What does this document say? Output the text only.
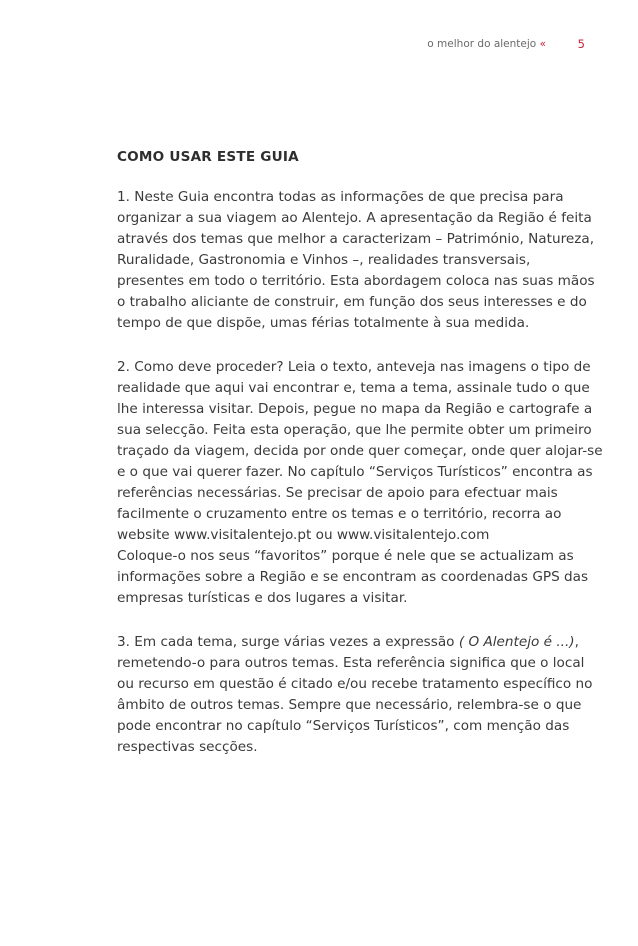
o melhor do alentejo «	5
COMO USAR ESTE GUIA

1. Neste Guia encontra todas as informações de que precisa para
organizar a sua viagem ao Alentejo. A apresentação da Região é feita
através dos temas que melhor a caracterizam – Património, Natureza,
Ruralidade, Gastronomia e Vinhos –, realidades transversais,
presentes em todo o território. Esta abordagem coloca nas suas mãos
o trabalho aliciante de construir, em função dos seus interesses e do
tempo de que dispõe, umas férias totalmente à sua medida.

2. Como deve proceder? Leia o texto, anteveja nas imagens o tipo de
realidade que aqui vai encontrar e, tema a tema, assinale tudo o que
lhe interessa visitar. Depois, pegue no mapa da Região e cartografe a
sua selecção. Feita esta operação, que lhe permite obter um primeiro
traçado da viagem, decida por onde quer começar, onde quer alojar-se
e o que vai querer fazer. No capítulo “Serviços Turísticos” encontra as
referências necessárias. Se precisar de apoio para efectuar mais
facilmente o cruzamento entre os temas e o território, recorra ao
website www.visitalentejo.pt ou www.visitalentejo.com
Coloque-o nos seus “favoritos” porque é nele que se actualizam as
informações sobre a Região e se encontram as coordenadas GPS das
empresas turísticas e dos lugares a visitar.

3. Em cada tema, surge várias vezes a expressão ( O Alentejo é ...),
remetendo-o para outros temas. Esta referência significa que o local
ou recurso em questão é citado e/ou recebe tratamento específico no
âmbito de outros temas. Sempre que necessário, relembra-se o que
pode encontrar no capítulo “Serviços Turísticos”, com menção das
respectivas secções.
